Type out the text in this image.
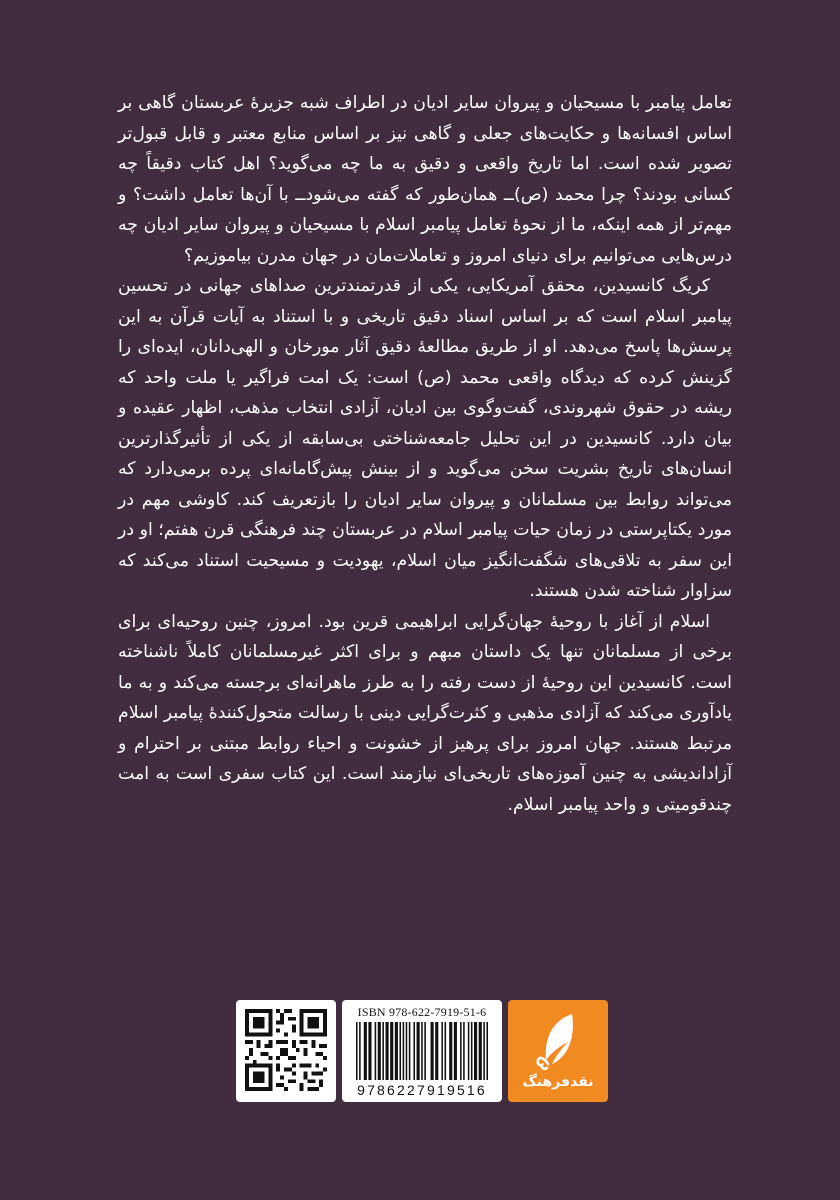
تعامل پیامبر با مسیحیان و پیروان سایر ادیان در اطراف شبه جزیرهٔ عربستان گاهی بر اساس افسانه‌ها و حکایت‌های جعلی و گاهی نیز بر اساس منابع معتبر و قابل قبول‌تر تصویر شده است. اما تاریخ واقعی و دقیق به ما چه می‌گوید؟ اهل کتاب دقیقاً چه کسانی بودند؟ چرا محمد (ص)ــ همان‌طور که گفته می‌شودــ با آن‌ها تعامل داشت؟ و مهم‌تر از همه اینکه، ما از نحوهٔ تعامل پیامبر اسلام با مسیحیان و پیروان سایر ادیان چه درس‌هایی می‌توانیم برای دنیای امروز و تعاملات‌مان در جهان مدرن بیاموزیم؟

کریگ کانسیدین، محقق آمریکایی، یکی از قدرتمندترین صداهای جهانی در تحسین پیامبر اسلام است که بر اساس اسناد دقیق تاریخی و با استناد به آیات قرآن به این پرسش‌ها پاسخ می‌دهد. او از طریق مطالعهٔ دقیق آثار مورخان و الهی‌دانان، ایده‌ای را گزینش کرده که دیدگاه واقعی محمد (ص) است: یک امت فراگیر یا ملت واحد که ریشه در حقوق شهروندی، گفت‌وگوی بین ادیان، آزادی انتخاب مذهب، اظهار عقیده و بیان دارد. کانسیدین در این تحلیل جامعه‌شناختی بی‌سابقه از یکی از تأثیرگذارترین انسان‌های تاریخ بشریت سخن می‌گوید و از بینش پیش‌گامانه‌ای پرده برمی‌دارد که می‌تواند روابط بین مسلمانان و پیروان سایر ادیان را بازتعریف کند. کاوشی مهم در مورد یکتاپرستی در زمان حیات پیامبر اسلام در عربستان چند فرهنگی قرن هفتم؛ او در این سفر به تلاقی‌های شگفت‌انگیز میان اسلام، یهودیت و مسیحیت استناد می‌کند که سزاوار شناخته شدن هستند.

اسلام از آغاز با روحیهٔ جهان‌گرایی ابراهیمی قرین بود. امروز، چنین روحیه‌ای برای برخی از مسلمانان تنها یک داستان مبهم و برای اکثر غیرمسلمانان کاملاً ناشناخته است. کانسیدین این روحیهٔ از دست رفته را به طرز ماهرانه‌ای برجسته می‌کند و به ما یادآوری می‌کند که آزادی مذهبی و کثرت‌گرایی دینی با رسالت متحول‌کنندهٔ پیامبر اسلام مرتبط هستند. جهان امروز برای پرهیز از خشونت و احیاء روابط مبتنی بر احترام و آزاداندیشی به چنین آموزه‌های تاریخی‌ای نیازمند است. این کتاب سفری است به امت چندقومیتی و واحد پیامبر اسلام.

ISBN 978-622-7919-51-6
9786227919516	نقدفرهنگ
